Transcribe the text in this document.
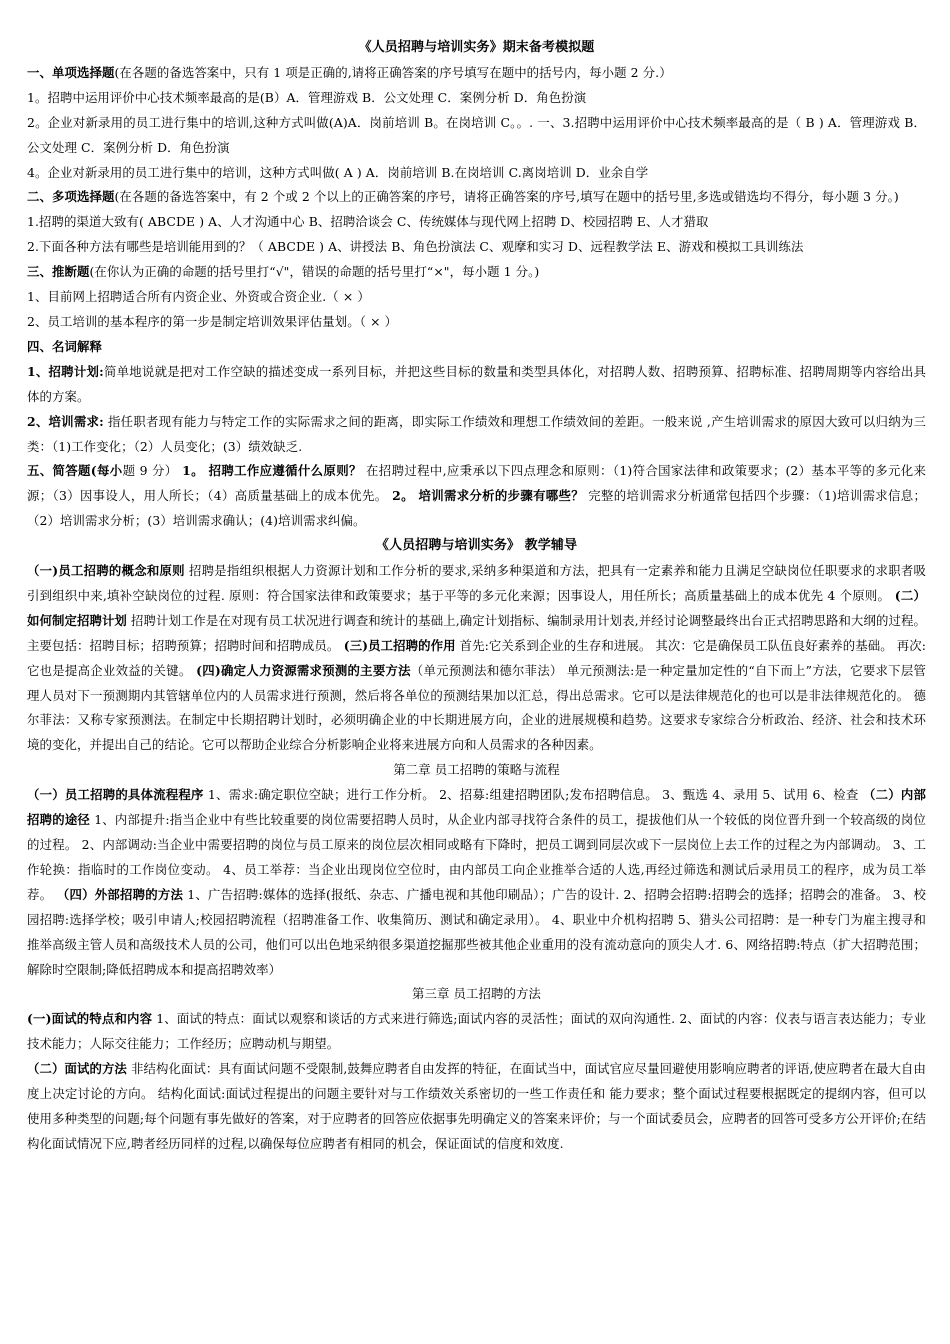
《人员招聘与培训实务》期末备考模拟题

一、单项选择题(在各题的备选答案中，只有 1 项是正确的,请将正确答案的序号填写在题中的括号内，每小题 2 分.）

1。招聘中运用评价中心技术频率最高的是(B）A．管理游戏 B．公文处理 C．案例分析 D．角色扮演

2。企业对新录用的员工进行集中的培训,这种方式叫做(A)A．岗前培训 B。在岗培训 C。。. 一、3.招聘中运用评价中心技术频率最高的是（ B ) A．管理游戏 B．公文处理 C．案例分析 D．角色扮演

4。企业对新录用的员工进行集中的培训，这种方式叫做( A ) A．岗前培训 B.在岗培训 C.离岗培训 D．业余自学

二、多项选择题(在各题的备选答案中，有 2 个或 2 个以上的正确答案的序号，请将正确答案的序号,填写在题中的括号里,多选或错选均不得分，每小题 3 分。)

1.招聘的渠道大致有( ABCDE ) A、人才沟通中心 B、招聘洽谈会 C、传统媒体与现代网上招聘 D、校园招聘 E、人才猎取

2.下面各种方法有哪些是培训能用到的？（ ABCDE ) A、讲授法 B、角色扮演法 C、观摩和实习 D、远程教学法 E、游戏和模拟工具训练法

三、推断题(在你认为正确的命题的括号里打“√"，错误的命题的括号里打“×"，每小题 1 分。)

1、目前网上招聘适合所有内资企业、外资或合资企业.（ × ）

2、员工培训的基本程序的第一步是制定培训效果评估量划。（ × ）

四、名词解释

1、招聘计划:简单地说就是把对工作空缺的描述变成一系列目标，并把这些目标的数量和类型具体化，对招聘人数、招聘预算、招聘标准、招聘周期等内容给出具体的方案。

2、培训需求: 指任职者现有能力与特定工作的实际需求之间的距离，即实际工作绩效和理想工作绩效间的差距。一般来说 ,产生培训需求的原因大致可以归纳为三类：（1)工作变化；（2）人员变化；(3）绩效缺乏.

五、简答题(每小题 9 分） 1。 招聘工作应遵循什么原则？ 在招聘过程中,应秉承以下四点理念和原则：（1)符合国家法律和政策要求；(2）基本平等的多元化来源；（3）因事设人，用人所长；（4）高质量基础上的成本优先。 2。 培训需求分析的步骤有哪些？ 完整的培训需求分析通常包括四个步骤：（1)培训需求信息；（2）培训需求分析；(3）培训需求确认；(4)培训需求纠偏。

《人员招聘与培训实务》 教学辅导

（一)员工招聘的概念和原则 招聘是指组织根据人力资源计划和工作分析的要求,采纳多种渠道和方法，把具有一定素养和能力且满足空缺岗位任职要求的求职者吸引到组织中来,填补空缺岗位的过程. 原则：符合国家法律和政策要求；基于平等的多元化来源；因事设人，用任所长；高质量基础上的成本优先 4 个原则。 (二）如何制定招聘计划 招聘计划工作是在对现有员工状况进行调查和统计的基础上,确定计划指标、编制录用计划表,并经讨论调整最终出台正式招聘思路和大纲的过程。 主要包括：招聘目标；招聘预算；招聘时间和招聘成员。 (三)员工招聘的作用 首先:它关系到企业的生存和进展。 其次：它是确保员工队伍良好素养的基础。 再次:它也是提高企业效益的关键。 (四)确定人力资源需求预测的主要方法（单元预测法和德尔菲法） 单元预测法:是一种定量加定性的“自下而上”方法，它要求下层管理人员对下一预测期内其管辖单位内的人员需求进行预测，然后将各单位的预测结果加以汇总，得出总需求。它可以是法律规范化的也可以是非法律规范化的。 德尔菲法：又称专家预测法。在制定中长期招聘计划时，必须明确企业的中长期进展方向，企业的进展规模和趋势。这要求专家综合分析政治、经济、社会和技术环境的变化，并提出自己的结论。它可以帮助企业综合分析影响企业将来进展方向和人员需求的各种因素。

第二章 员工招聘的策略与流程

（一）员工招聘的具体流程程序 1、需求:确定职位空缺；进行工作分析。 2、招募:组建招聘团队;发布招聘信息。 3、甄选 4、录用 5、试用 6、检查 （二）内部招聘的途径 1、内部提升:指当企业中有些比较重要的岗位需要招聘人员时，从企业内部寻找符合条件的员工，提拔他们从一个较低的岗位晋升到一个较高级的岗位的过程。 2、内部调动:当企业中需要招聘的岗位与员工原来的岗位层次相同或略有下降时，把员工调到同层次或下一层岗位上去工作的过程之为内部调动。 3、工作轮换：指临时的工作岗位变动。 4、员工举荐：当企业出现岗位空位时，由内部员工向企业推举合适的人选,再经过筛选和测试后录用员工的程序，成为员工举荐。 （四）外部招聘的方法 1、广告招聘:媒体的选择(报纸、杂志、广播电视和其他印刷品）；广告的设计. 2、招聘会招聘:招聘会的选择；招聘会的准备。 3、校园招聘:选择学校；吸引申请人;校园招聘流程（招聘准备工作、收集简历、测试和确定录用）。 4、职业中介机构招聘 5、猎头公司招聘：是一种专门为雇主搜寻和推举高级主管人员和高级技术人员的公司，他们可以出色地采纳很多渠道挖掘那些被其他企业重用的没有流动意向的顶尖人才. 6、网络招聘:特点（扩大招聘范围；解除时空限制;降低招聘成本和提高招聘效率）

第三章 员工招聘的方法

(一)面试的特点和内容 1、面试的特点：面试以观察和谈话的方式来进行筛选;面试内容的灵活性；面试的双向沟通性. 2、面试的内容：仪表与语言表达能力；专业技术能力；人际交往能力；工作经历；应聘动机与期望。

（二）面试的方法 非结构化面试：具有面试问题不受限制,鼓舞应聘者自由发挥的特征，在面试当中，面试官应尽量回避使用影响应聘者的评语,使应聘者在最大自由度上决定讨论的方向。 结构化面试:面试过程提出的问题主要针对与工作绩效关系密切的一些工作责任和 能力要求；整个面试过程要根据既定的提纲内容，但可以使用多种类型的问题;每个问题有事先做好的答案，对于应聘者的回答应依据事先明确定义的答案来评价；与一个面试委员会，应聘者的回答可受多方公开评价;在结构化面试情况下应,聘者经历同样的过程,以确保每位应聘者有相同的机会，保证面试的信度和效度.
